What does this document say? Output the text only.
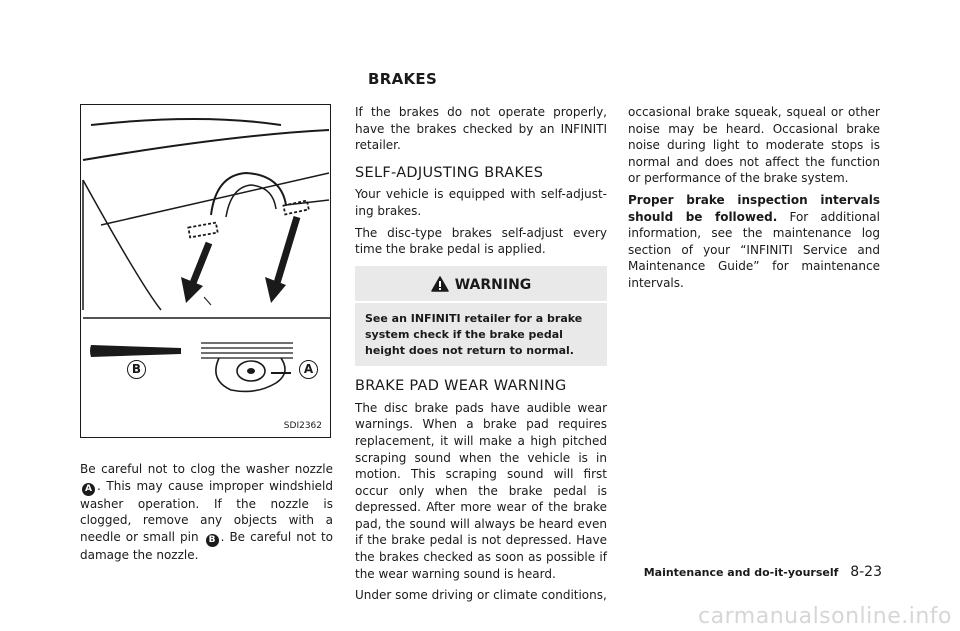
BRAKES
B	A
SDI2362

Be careful not to clog the washer nozzle A . This may cause improper windshield washer operation. If the nozzle is clogged, remove any objects with a needle or small pin B . Be careful not to damage the nozzle.

If the brakes do not operate properly, have the brakes checked by an INFINITI retailer.

SELF-ADJUSTING BRAKES

Your vehicle is equipped with self-adjust-ing brakes.

The disc-type brakes self-adjust every time the brake pedal is applied.

WARNING
See an INFINITI retailer for a brake system check if the brake pedal height does not return to normal.
BRAKE PAD WEAR WARNING

The disc brake pads have audible wear warnings. When a brake pad requires replacement, it will make a high pitched scraping sound when the vehicle is in motion. This scraping sound will first occur only when the brake pedal is depressed. After more wear of the brake pad, the sound will always be heard even if the brake pedal is not depressed. Have the brakes checked as soon as possible if the wear warning sound is heard.

Under some driving or climate conditions,

occasional brake squeak, squeal or other noise may be heard. Occasional brake noise during light to moderate stops is normal and does not affect the function or performance of the brake system.

Proper brake inspection intervals should be followed. For additional information, see the maintenance log section of your “INFINITI Service and Maintenance Guide” for maintenance intervals.

Maintenance and do-it-yourself 8-23
carmanualsonline.info
